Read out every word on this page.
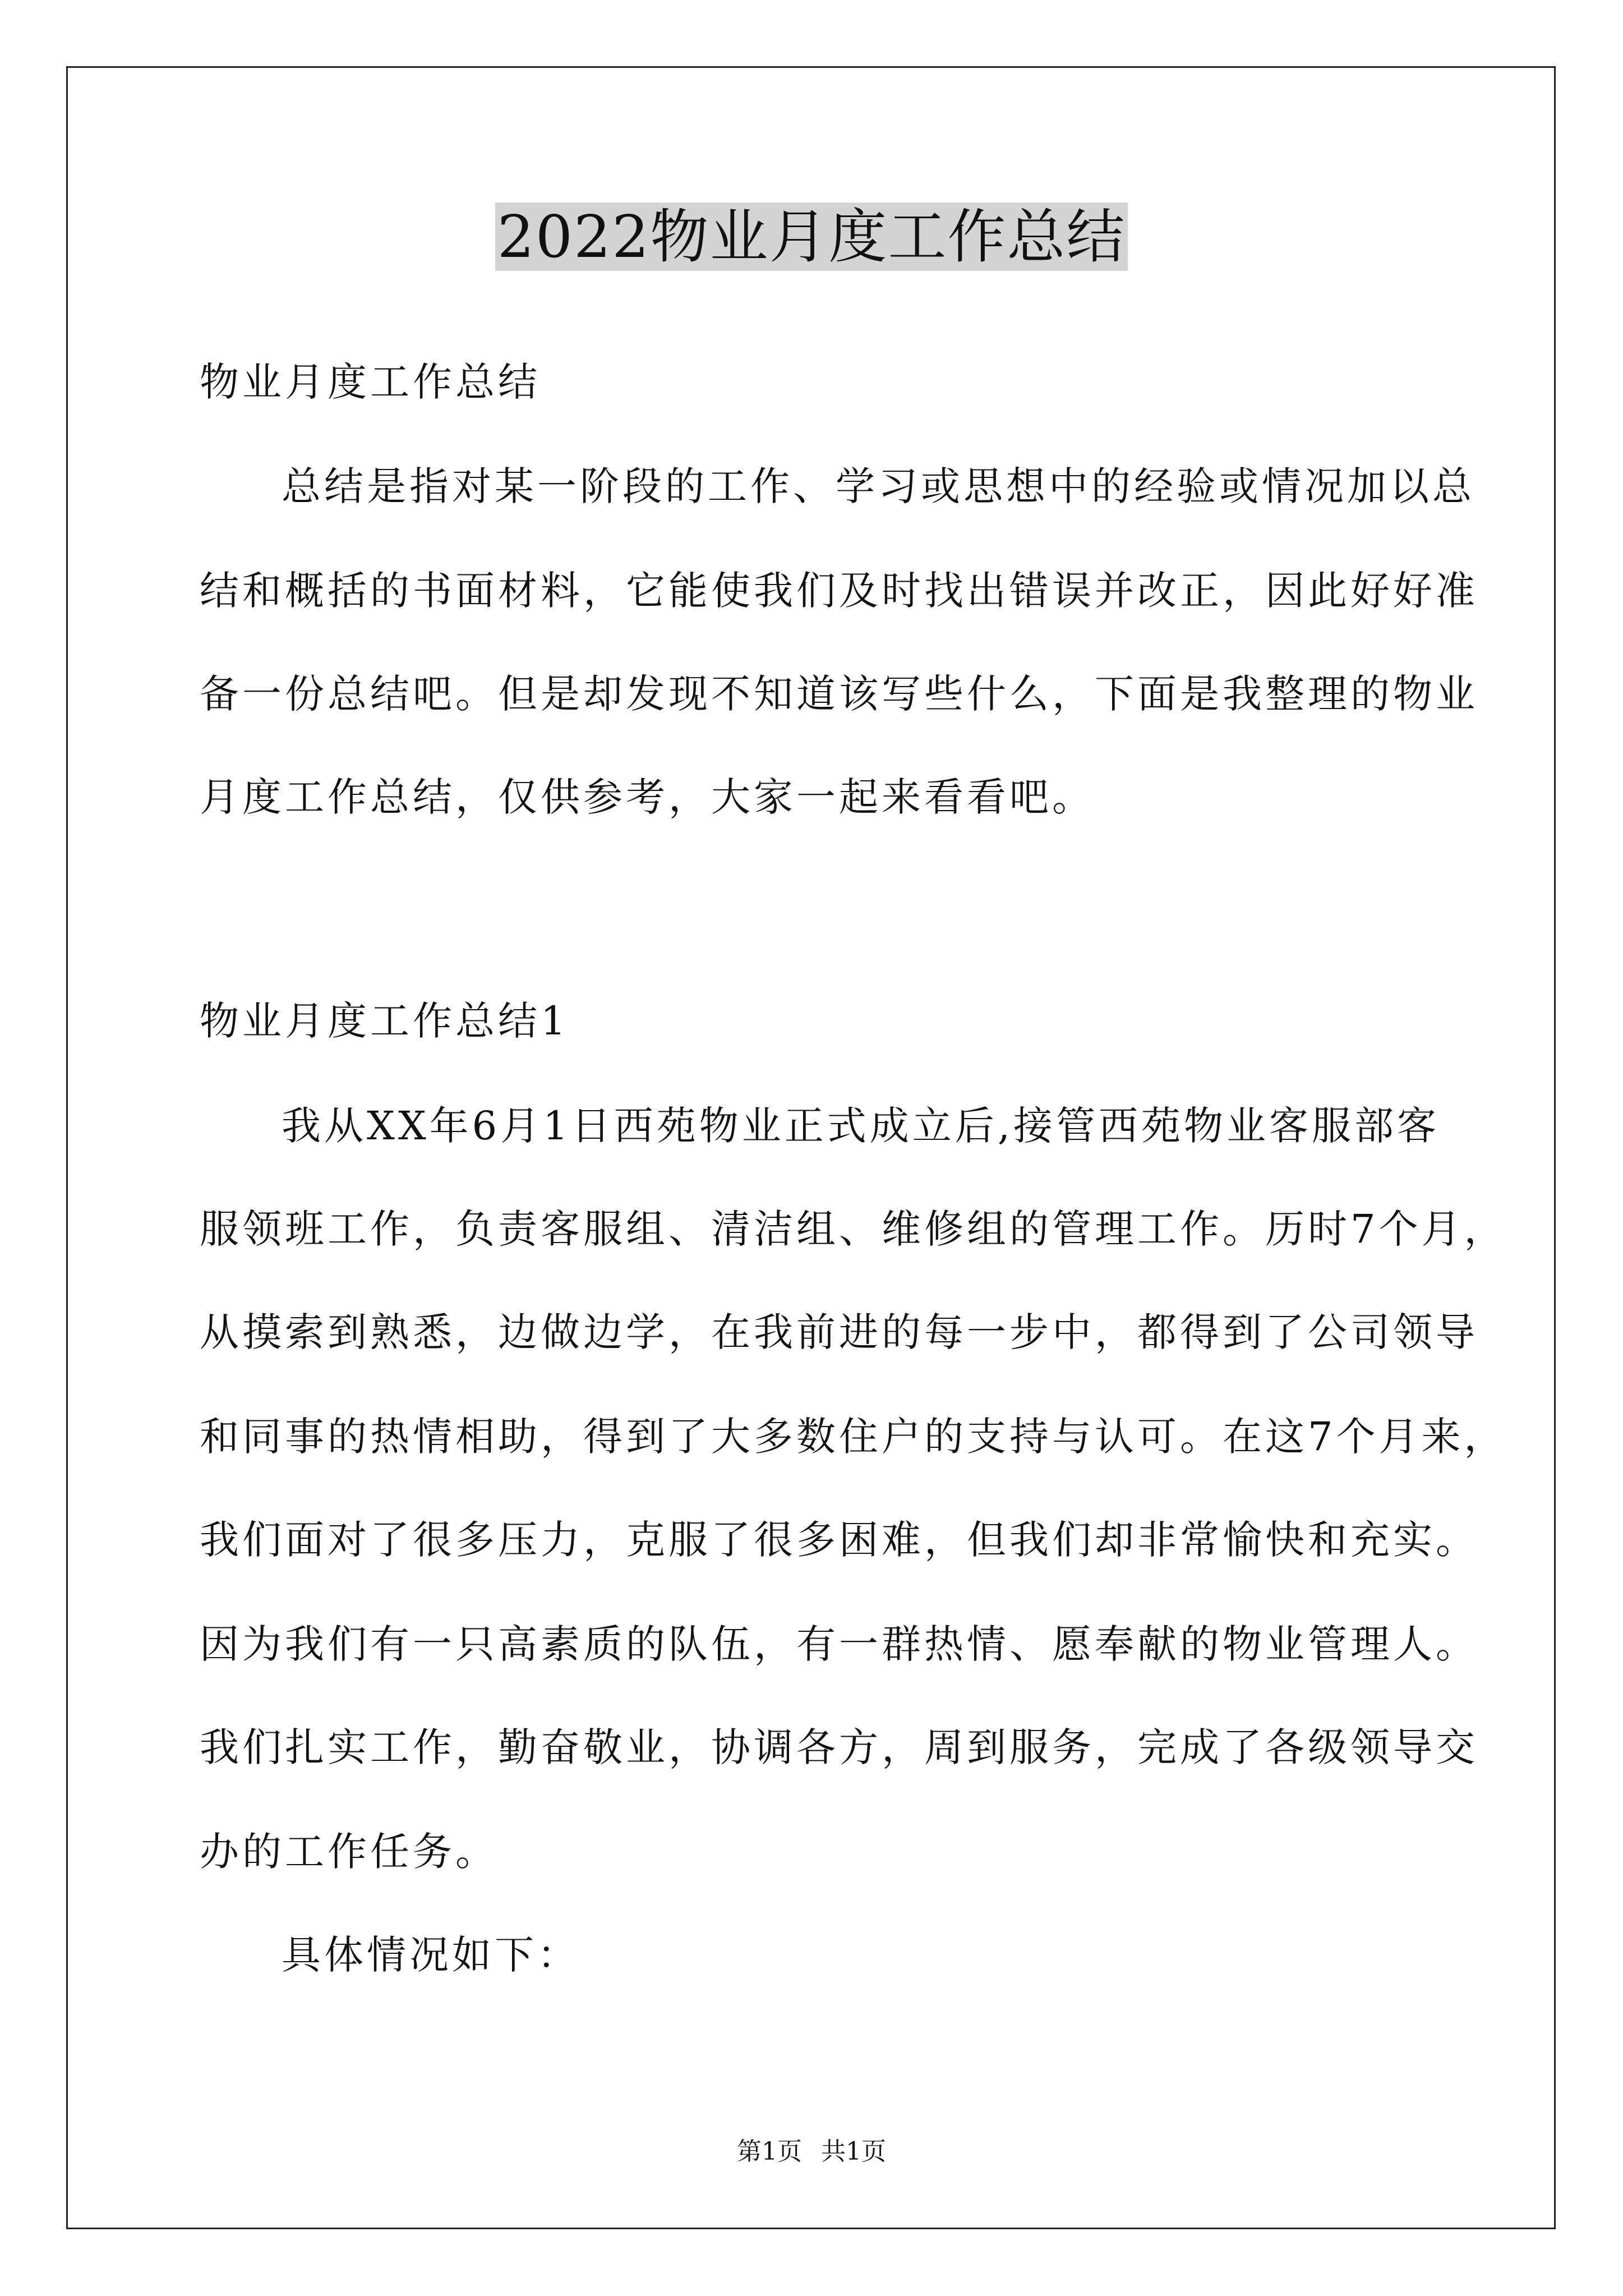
2022物业月度工作总结
物业月度工作总结
总结是指对某一阶段的工作、学习或思想中的经验或情况加以总
结和概括的书面材料，它能使我们及时找出错误并改正，因此好好准
备一份总结吧。但是却发现不知道该写些什么，下面是我整理的物业
月度工作总结，仅供参考，大家一起来看看吧。
物业月度工作总结1
我从XX年6月1日西苑物业正式成立后,接管西苑物业客服部客
服领班工作，负责客服组、清洁组、维修组的管理工作。历时7个月，
从摸索到熟悉，边做边学，在我前进的每一步中，都得到了公司领导
和同事的热情相助，得到了大多数住户的支持与认可。在这7个月来，
我们面对了很多压力，克服了很多困难，但我们却非常愉快和充实。
因为我们有一只高素质的队伍，有一群热情、愿奉献的物业管理人。
我们扎实工作，勤奋敬业，协调各方，周到服务，完成了各级领导交
办的工作任务。
具体情况如下：
第1页 共1页
